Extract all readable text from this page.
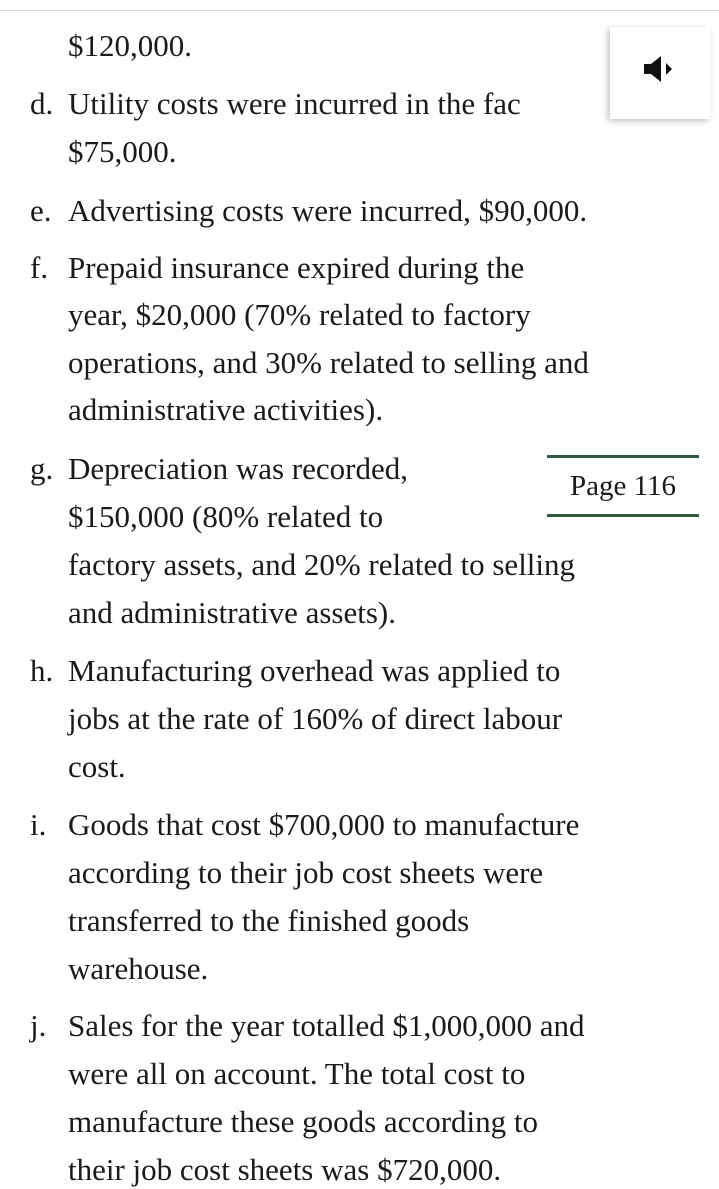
$120,000.
d. Utility costs were incurred in the fac
$75,000.
e. Advertising costs were incurred, $90,000.
f. Prepaid insurance expired during the
year, $20,000 (70% related to factory
operations, and 30% related to selling and
administrative activities).
g. Depreciation was recorded,
$150,000 (80% related to
factory assets, and 20% related to selling
and administrative assets).
Page 116
h. Manufacturing overhead was applied to
jobs at the rate of 160% of direct labour
cost.
i. Goods that cost $700,000 to manufacture
according to their job cost sheets were
transferred to the finished goods
warehouse.
j. Sales for the year totalled $1,000,000 and
were all on account. The total cost to
manufacture these goods according to
their job cost sheets was $720,000.
